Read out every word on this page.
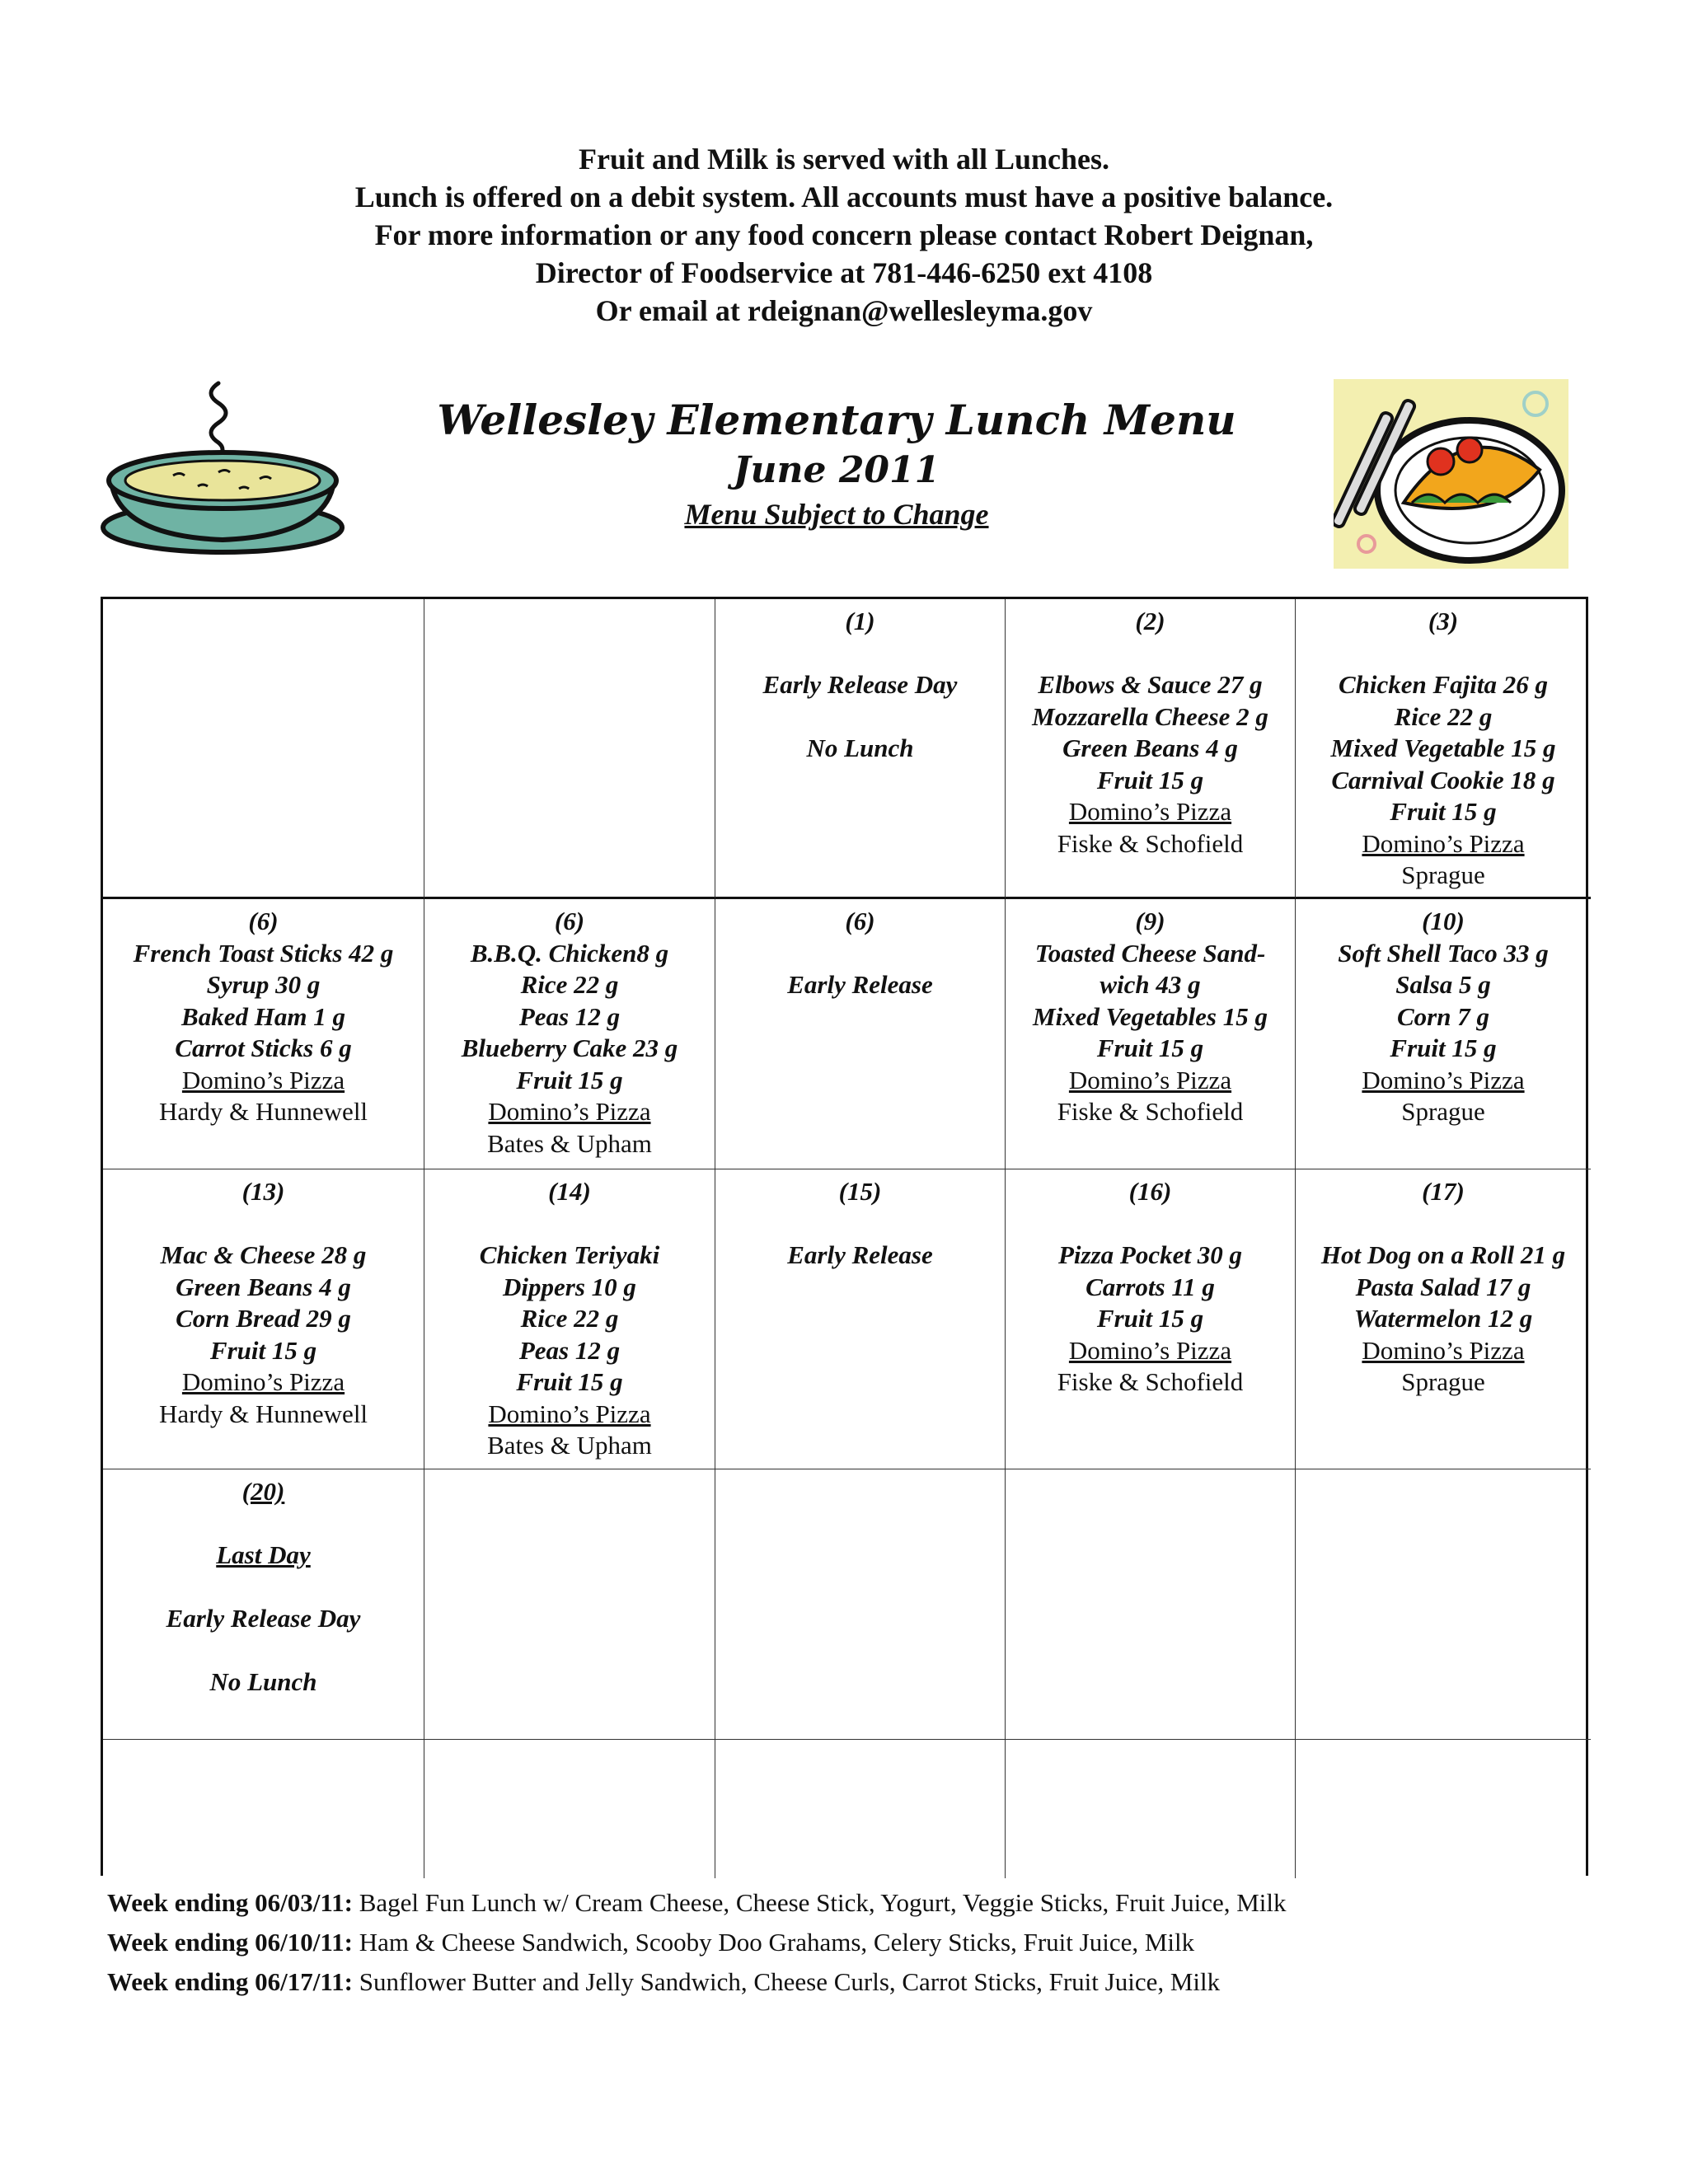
Fruit and Milk is served with all Lunches.
Lunch is offered on a debit system. All accounts must have a positive balance.
For more information or any food concern please contact Robert Deignan,
Director of Foodservice at 781-446-6250 ext 4108
Or email at rdeignan@wellesleyma.gov
Wellesley Elementary Lunch Menu
June 2011
Menu Subject to Change
(1)
Early Release Day
No Lunch
(2)
Elbows & Sauce 27 g
Mozzarella Cheese 2 g
Green Beans 4 g
Fruit 15 g
Domino’s Pizza
Fiske & Schofield
(3)
Chicken Fajita 26 g
Rice 22 g
Mixed Vegetable 15 g
Carnival Cookie 18 g
Fruit 15 g
Domino’s Pizza
Sprague
(6)
French Toast Sticks 42 g
Syrup 30 g
Baked Ham 1 g
Carrot Sticks 6 g
Domino’s Pizza
Hardy & Hunnewell
(6)
B.B.Q. Chicken8 g
Rice 22 g
Peas 12 g
Blueberry Cake 23 g
Fruit 15 g
Domino’s Pizza
Bates & Upham
(6)
Early Release
(9)
Toasted Cheese Sand-
wich 43 g
Mixed Vegetables 15 g
Fruit 15 g
Domino’s Pizza
Fiske & Schofield
(10)
Soft Shell Taco 33 g
Salsa 5 g
Corn 7 g
Fruit 15 g
Domino’s Pizza
Sprague
(13)
Mac & Cheese 28 g
Green Beans 4 g
Corn Bread 29 g
Fruit 15 g
Domino’s Pizza
Hardy & Hunnewell
(14)
Chicken Teriyaki
Dippers 10 g
Rice 22 g
Peas 12 g
Fruit 15 g
Domino’s Pizza
Bates & Upham
(15)
Early Release
(16)
Pizza Pocket 30 g
Carrots 11 g
Fruit 15 g
Domino’s Pizza
Fiske & Schofield
(17)
Hot Dog on a Roll 21 g
Pasta Salad 17 g
Watermelon 12 g
Domino’s Pizza
Sprague
(20)
Last Day
Early Release Day
No Lunch
Week ending 06/03/11: Bagel Fun Lunch w/ Cream Cheese, Cheese Stick, Yogurt, Veggie Sticks, Fruit Juice, Milk
Week ending 06/10/11: Ham & Cheese Sandwich, Scooby Doo Grahams, Celery Sticks, Fruit Juice, Milk
Week ending 06/17/11: Sunflower Butter and Jelly Sandwich, Cheese Curls, Carrot Sticks, Fruit Juice, Milk
